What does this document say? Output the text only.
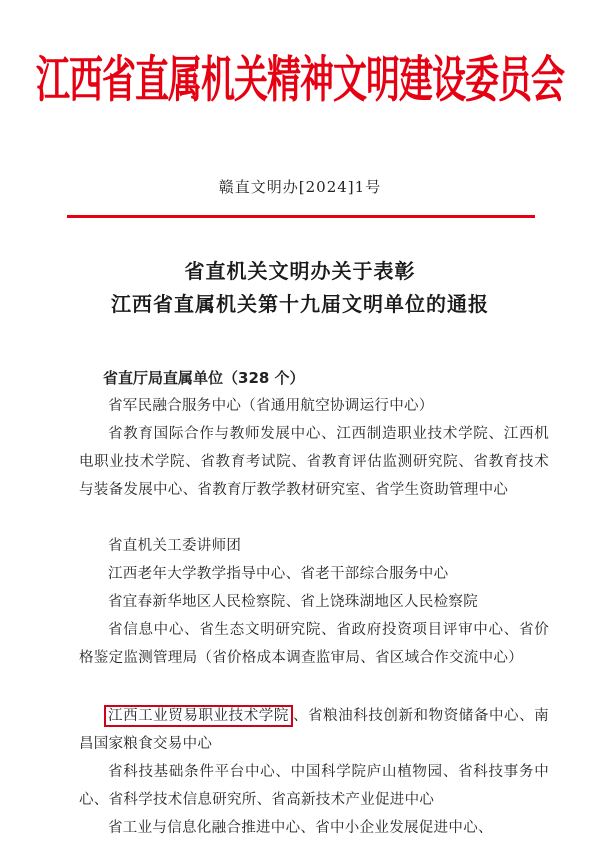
江西省直属机关精神文明建设委员会
赣直文明办[2024]1号
省直机关文明办关于表彰
江西省直属机关第十九届文明单位的通报
省直厅局直属单位（328 个）
省军民融合服务中心（省通用航空协调运行中心）
省教育国际合作与教师发展中心、江西制造职业技术学院、江西机电职业技术学院、省教育考试院、省教育评估监测研究院、省教育技术与装备发展中心、省教育厅教学教材研究室、省学生资助管理中心
省直机关工委讲师团
江西老年大学教学指导中心、省老干部综合服务中心
省宜春新华地区人民检察院、省上饶珠湖地区人民检察院
省信息中心、省生态文明研究院、省政府投资项目评审中心、省价格鉴定监测管理局（省价格成本调查监审局、省区域合作交流中心）
江西工业贸易职业技术学院 、省粮油科技创新和物资储备中心、南昌国家粮食交易中心
省科技基础条件平台中心、中国科学院庐山植物园、省科技事务中心、省科学技术信息研究所、省高新技术产业促进中心
省工业与信息化融合推进中心、省中小企业发展促进中心、
